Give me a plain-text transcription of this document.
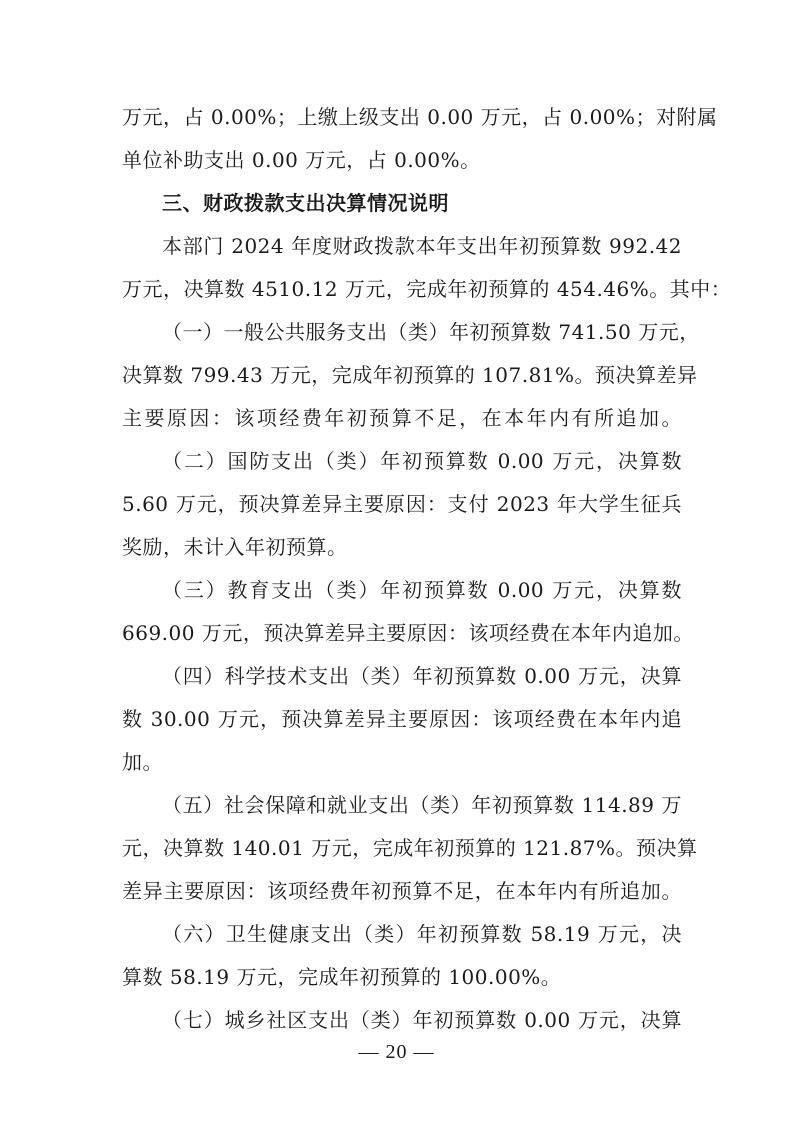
万元，占 0.00%；上缴上级支出 0.00 万元，占 0.00%；对附属
单位补助支出 0.00 万元，占 0.00%。
三、财政拨款支出决算情况说明
本部门 2024 年度财政拨款本年支出年初预算数 992.42
万元，决算数 4510.12 万元，完成年初预算的 454.46%。其中：
（一）一般公共服务支出（类）年初预算数 741.50 万元，
决算数 799.43 万元，完成年初预算的 107.81%。预决算差异
主要原因：该项经费年初预算不足，在本年内有所追加。
（二）国防支出（类）年初预算数 0.00 万元，决算数
5.60 万元，预决算差异主要原因：支付 2023 年大学生征兵
奖励，未计入年初预算。
（三）教育支出（类）年初预算数 0.00 万元，决算数
669.00 万元，预决算差异主要原因：该项经费在本年内追加。
（四）科学技术支出（类）年初预算数 0.00 万元，决算
数 30.00 万元，预决算差异主要原因：该项经费在本年内追
加。
（五）社会保障和就业支出（类）年初预算数 114.89 万
元，决算数 140.01 万元，完成年初预算的 121.87%。预决算
差异主要原因：该项经费年初预算不足，在本年内有所追加。
（六）卫生健康支出（类）年初预算数 58.19 万元，决
算数 58.19 万元，完成年初预算的 100.00%。
（七）城乡社区支出（类）年初预算数 0.00 万元，决算
— 20 —
